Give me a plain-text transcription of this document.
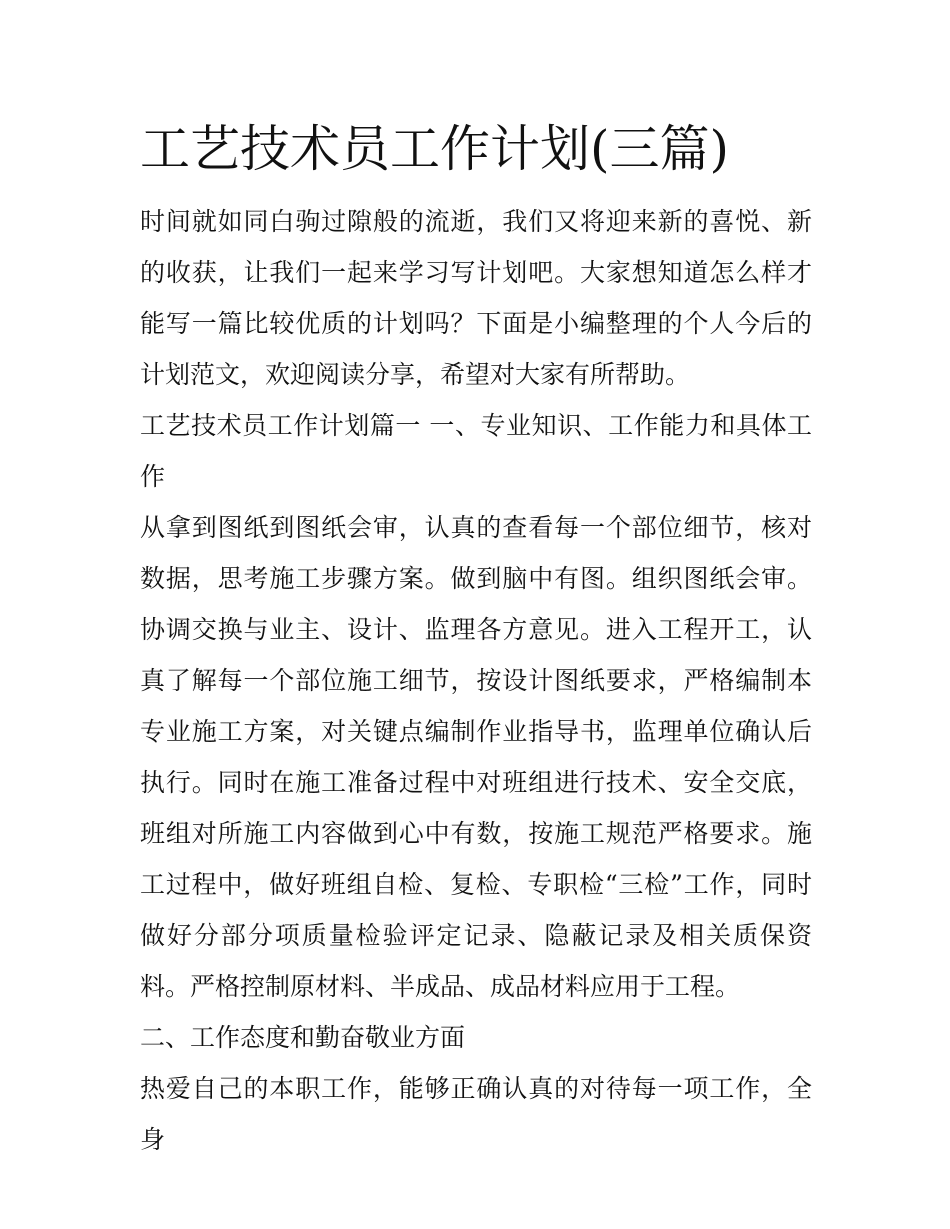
工艺技术员工作计划(三篇)

时间就如同白驹过隙般的流逝，我们又将迎来新的喜悦、新的收获，让我们一起来学习写计划吧。大家想知道怎么样才能写一篇比较优质的计划吗？下面是小编整理的个人今后的计划范文，欢迎阅读分享，希望对大家有所帮助。

工艺技术员工作计划篇一 一、专业知识、工作能力和具体工作

从拿到图纸到图纸会审，认真的查看每一个部位细节，核对数据，思考施工步骤方案。做到脑中有图。组织图纸会审。协调交换与业主、设计、监理各方意见。进入工程开工，认真了解每一个部位施工细节，按设计图纸要求，严格编制本专业施工方案，对关键点编制作业指导书，监理单位确认后执行。同时在施工准备过程中对班组进行技术、安全交底，班组对所施工内容做到心中有数，按施工规范严格要求。施工过程中，做好班组自检、复检、专职检“三检”工作，同时做好分部分项质量检验评定记录、隐蔽记录及相关质保资料。严格控制原材料、半成品、成品材料应用于工程。

二、工作态度和勤奋敬业方面

热爱自己的本职工作，能够正确认真的对待每一项工作，全身
